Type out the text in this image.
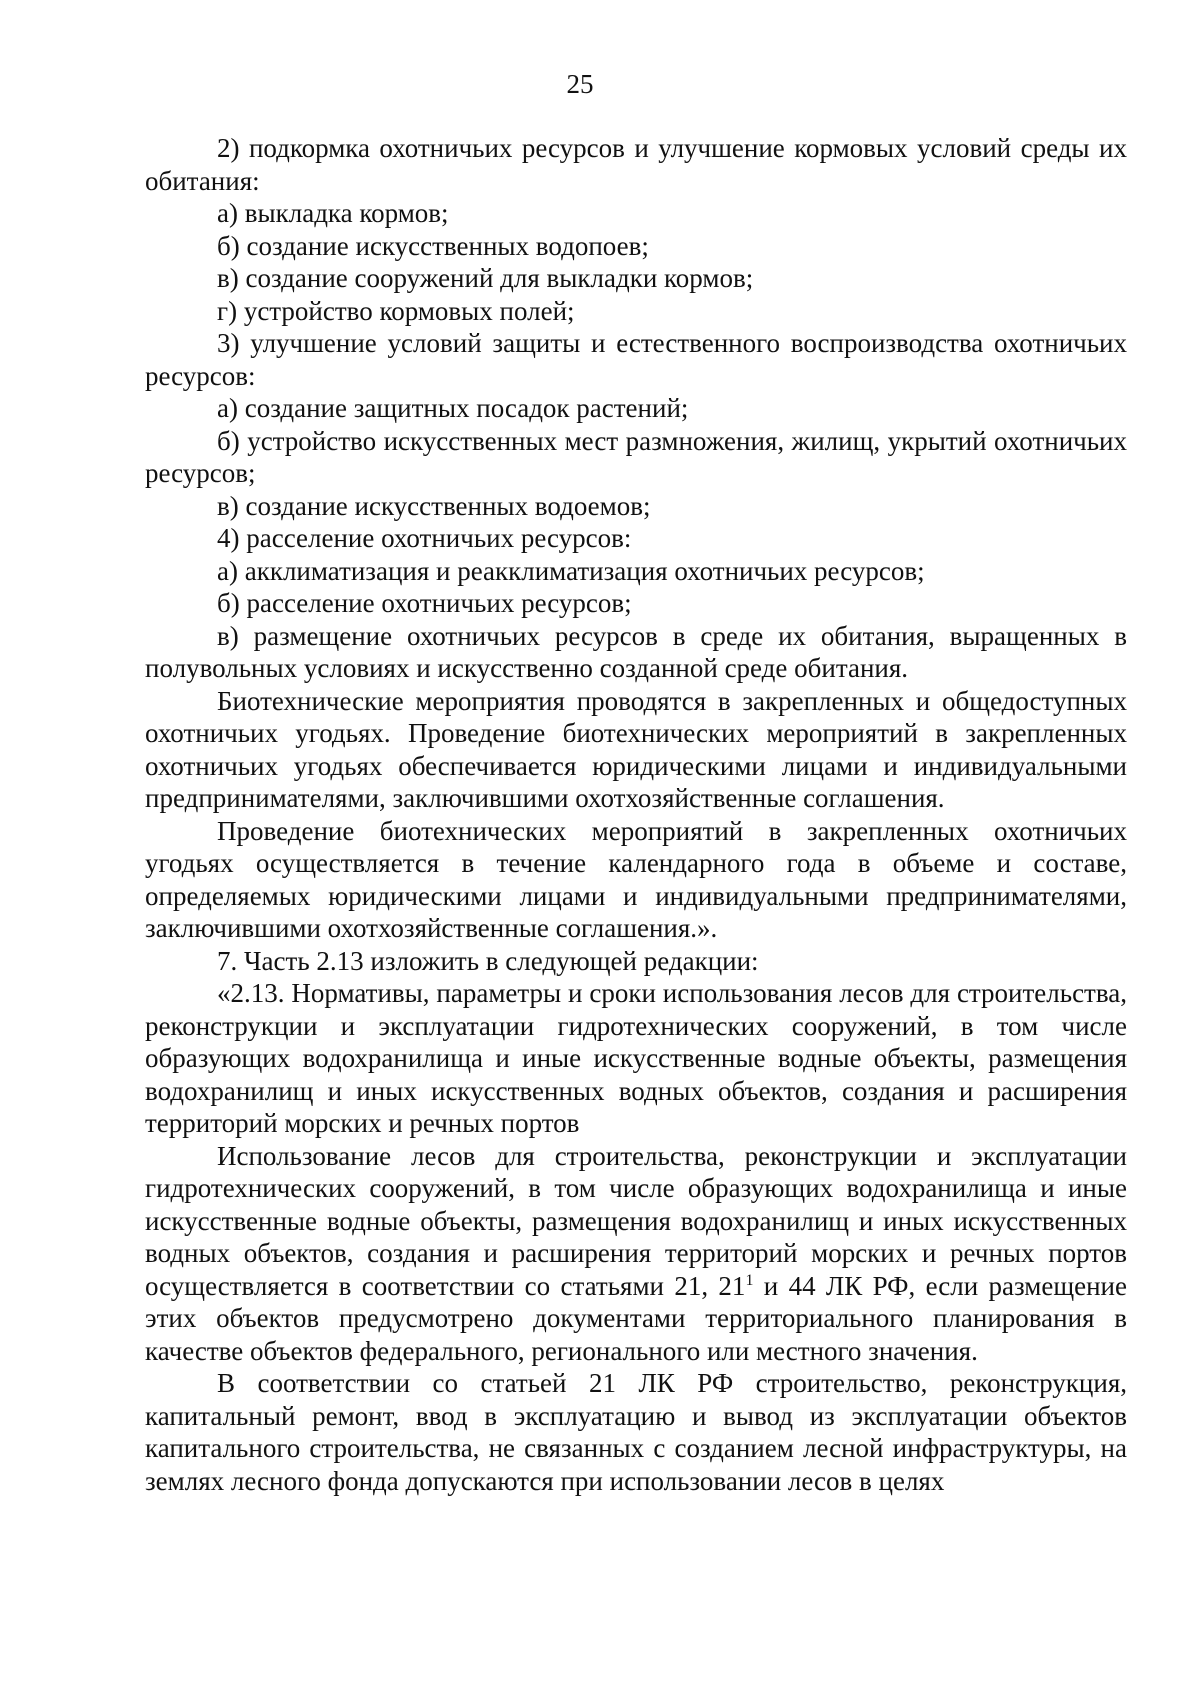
25

2) подкормка охотничьих ресурсов и улучшение кормовых условий среды их обитания:

а) выкладка кормов;

б) создание искусственных водопоев;

в) создание сооружений для выкладки кормов;

г) устройство кормовых полей;

3) улучшение условий защиты и естественного воспроизводства охотничьих ресурсов:

а) создание защитных посадок растений;

б) устройство искусственных мест размножения, жилищ, укрытий охотничьих ресурсов;

в) создание искусственных водоемов;

4) расселение охотничьих ресурсов:

а) акклиматизация и реакклиматизация охотничьих ресурсов;

б) расселение охотничьих ресурсов;

в) размещение охотничьих ресурсов в среде их обитания, выращенных в полувольных условиях и искусственно созданной среде обитания.

Биотехнические мероприятия проводятся в закрепленных и общедоступных охотничьих угодьях. Проведение биотехнических мероприятий в закрепленных охотничьих угодьях обеспечивается юридическими лицами и индивидуальными предпринимателями, заключившими охотхозяйственные соглашения.

Проведение биотехнических мероприятий в закрепленных охотничьих угодьях осуществляется в течение календарного года в объеме и составе, определяемых юридическими лицами и индивидуальными предпринимателями, заключившими охотхозяйственные соглашения.».

7. Часть 2.13 изложить в следующей редакции:

«2.13. Нормативы, параметры и сроки использования лесов для строительства, реконструкции и эксплуатации гидротехнических сооружений, в том числе образующих водохранилища и иные искусственные водные объекты, размещения водохранилищ и иных искусственных водных объектов, создания и расширения территорий морских и речных портов

Использование лесов для строительства, реконструкции и эксплуатации гидротехнических сооружений, в том числе образующих водохранилища и иные искусственные водные объекты, размещения водохранилищ и иных искусственных водных объектов, создания и расширения территорий морских и речных портов осуществляется в соответствии со статьями 21, $21^1$ и 44 ЛК РФ, если размещение этих объектов предусмотрено документами территориального планирования в качестве объектов федерального, регионального или местного значения.

В соответствии со статьей 21 ЛК РФ строительство, реконструкция, капитальный ремонт, ввод в эксплуатацию и вывод из эксплуатации объектов капитального строительства, не связанных с созданием лесной инфраструктуры, на землях лесного фонда допускаются при использовании лесов в целях
